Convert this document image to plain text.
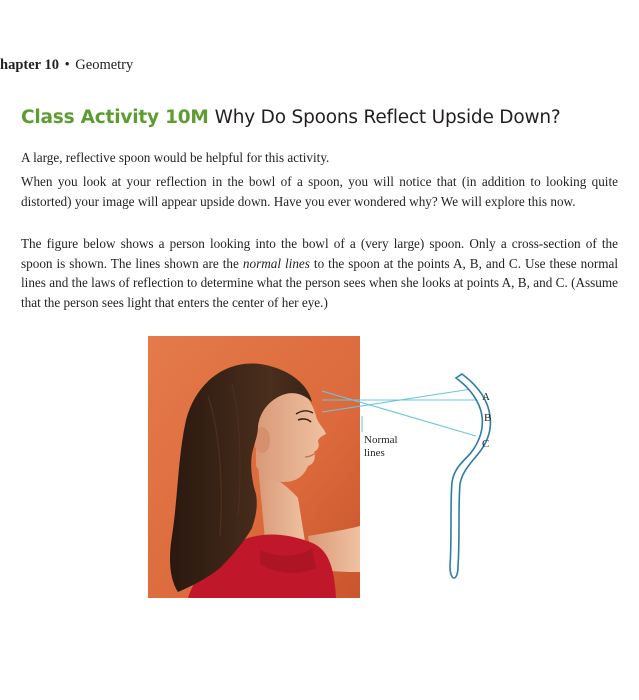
hapter 10 • Geometry
Class Activity 10M Why Do Spoons Reflect Upside Down?

A large, reflective spoon would be helpful for this activity.

When you look at your reflection in the bowl of a spoon, you will notice that (in addition to looking quite distorted) your image will appear upside down. Have you ever wondered why? We will explore this now.

The figure below shows a person looking into the bowl of a (very large) spoon. Only a cross-section of the spoon is shown. The lines shown are the normal lines to the spoon at the points A, B, and C. Use these normal lines and the laws of reflection to determine what the person sees when she looks at points A, B, and C. (Assume that the person sees light that enters the center of her eye.)

A
B
C
Normal
lines
